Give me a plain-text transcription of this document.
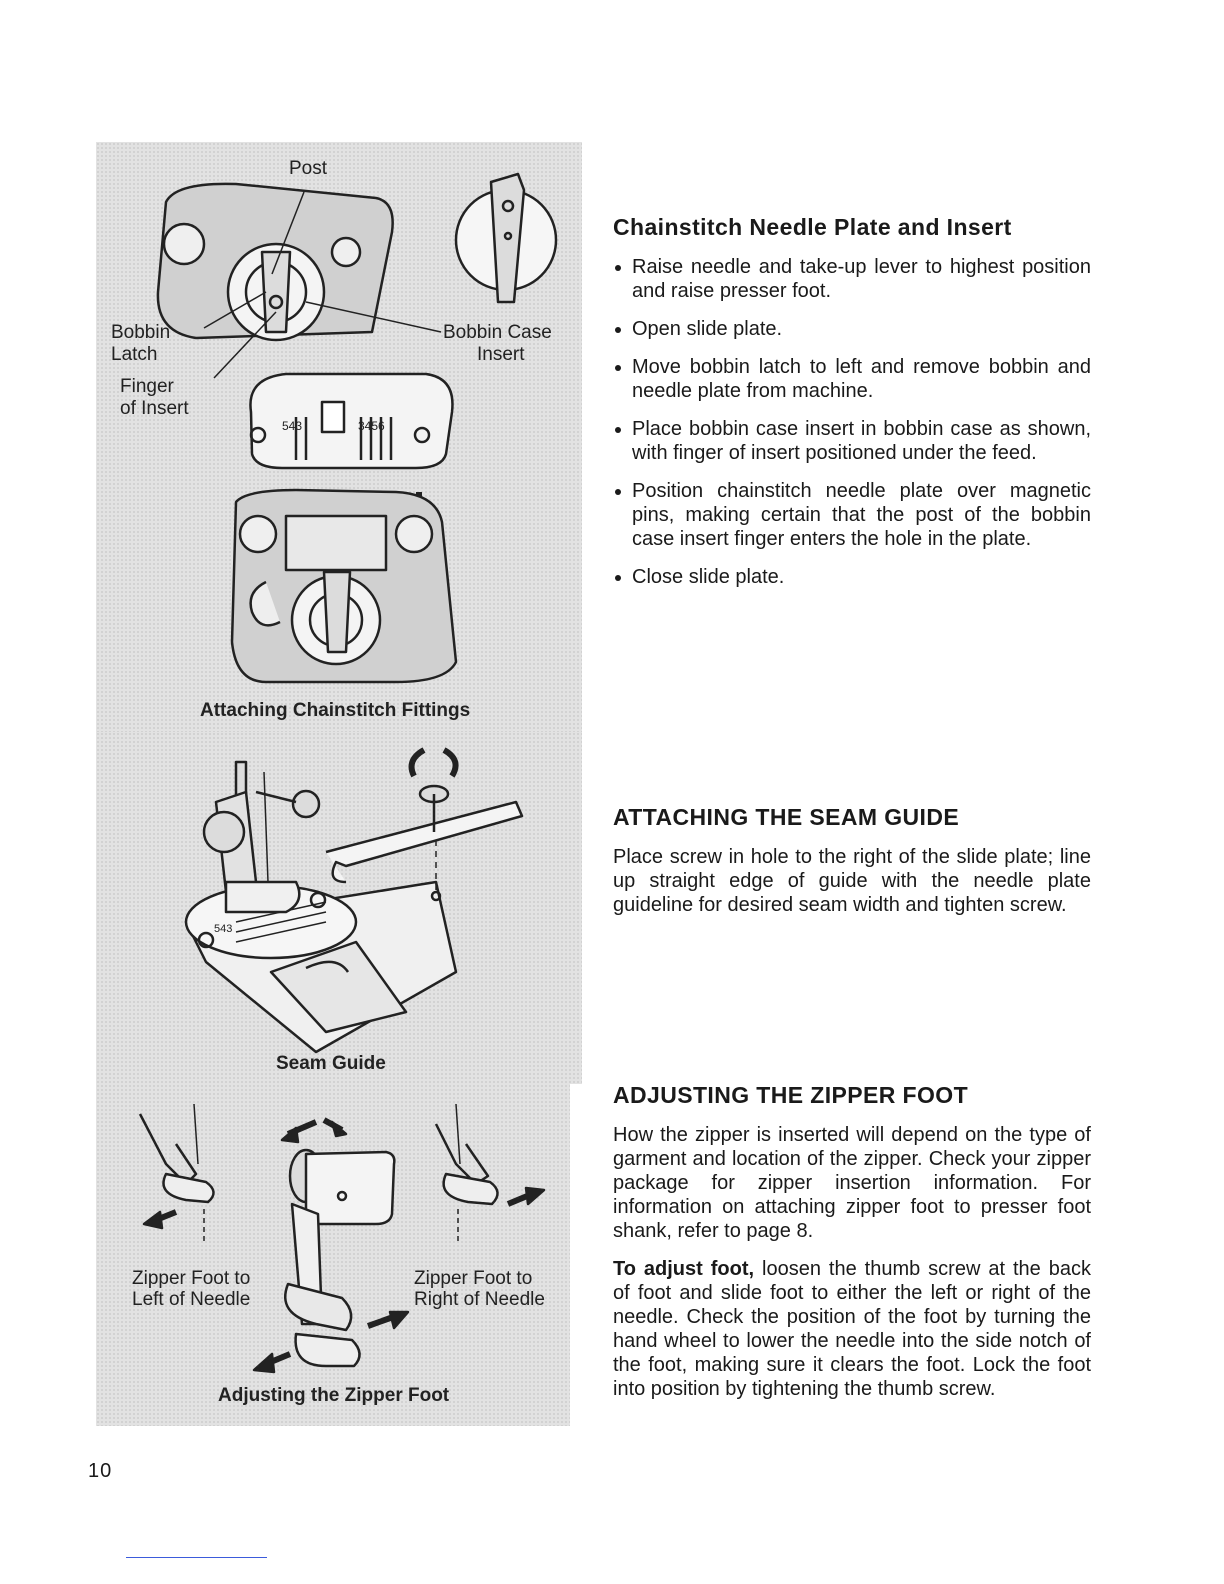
543	3456
Post
Bobbin
Latch
Finger
of Insert
Bobbin Case
Insert
Attaching Chainstitch Fittings
543
Seam Guide
Zipper Foot to
Left of Needle
Zipper Foot to
Right of Needle
Adjusting the Zipper Foot
Chainstitch Needle Plate and Insert
Raise needle and take-up lever to highest position and raise presser foot.
Open slide plate.
Move bobbin latch to left and remove bobbin and needle plate from machine.
Place bobbin case insert in bobbin case as shown, with finger of insert positioned under the feed.
Position chainstitch needle plate over magnetic pins, making certain that the post of the bobbin case insert finger enters the hole in the plate.
Close slide plate.
ATTACHING THE SEAM GUIDE

Place screw in hole to the right of the slide plate; line up straight edge of guide with the needle plate guideline for desired seam width and tighten screw.

ADJUSTING THE ZIPPER FOOT

How the zipper is inserted will depend on the type of garment and location of the zipper. Check your zipper package for zipper insertion information. For information on attaching zipper foot to presser foot shank, refer to page 8.

To adjust foot, loosen the thumb screw at the back of foot and slide foot to either the left or right of the needle. Check the position of the foot by turning the hand wheel to lower the needle into the side notch of the foot, making sure it clears the foot. Lock the foot into position by tightening the thumb screw.

10
